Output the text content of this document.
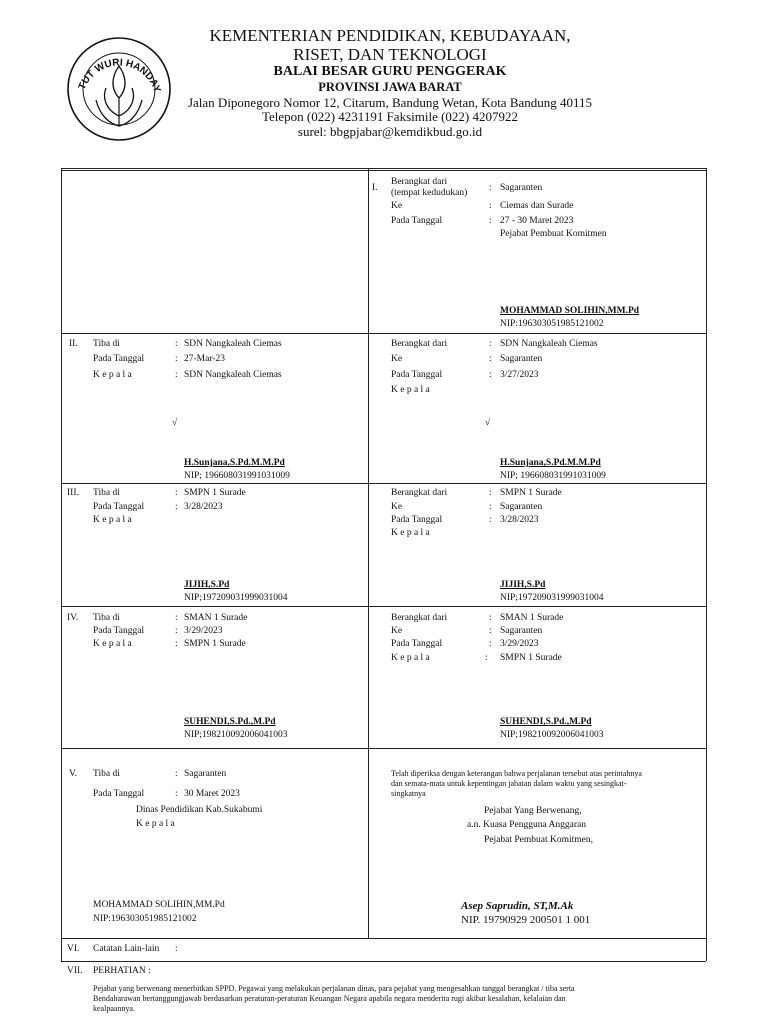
TUT WURI HANDAY
KEMENTERIAN PENDIDIKAN, KEBUDAYAAN,
RISET, DAN TEKNOLOGI
BALAI BESAR GURU PENGGERAK
PROVINSI JAWA BARAT
Jalan Diponegoro Nomor 12, Citarum, Bandung Wetan, Kota Bandung 40115
Telepon (022) 4231191 Faksimile (022) 4207922
surel: bbgpjabar@kemdikbud.go.id
I.
Berangkat dari
(tempat kedudukan) : Sagaranten
Ke	: Ciemas dan Surade
Pada Tanggal	: 27 - 30 Maret 2023
Pejabat Pembuat Komitmen
MOHAMMAD SOLIHIN,MM.Pd
NIP:196303051985121002
II. Tiba di	: SDN Nangkaleah Ciemas
Pada Tanggal	: 27-Mar-23
K e p a l a	: SDN Nangkaleah Ciemas
√
H.Sunjana,S.Pd.M.M.Pd
NIP; 196608031991031009
Berangkat dari	: SDN Nangkaleah Ciemas
Ke	: Sagaranten
Pada Tanggal	: 3/27/2023
K e p a l a
√
H.Sunjana,S.Pd.M.M.Pd
NIP; 196608031991031009
III. Tiba di	: SMPN 1 Surade
Pada Tanggal	: 3/28/2023
K e p a l a
JIJIH,S.Pd
NIP;197209031999031004
Berangkat dari	: SMPN 1 Surade
Ke	: Sagaranten
Pada Tanggal	: 3/28/2023
K e p a l a
JIJIH,S.Pd
NIP;197209031999031004
IV. Tiba di	: SMAN 1 Surade
Pada Tanggal	: 3/29/2023
K e p a l a	: SMPN 1 Surade
SUHENDI,S.Pd.,M.Pd
NIP;198210092006041003
Berangkat dari	: SMAN 1 Surade
Ke	: Sagaranten
Pada Tanggal	: 3/29/2023
K e p a l a	: SMPN 1 Surade
SUHENDI,S.Pd.,M.Pd
NIP;198210092006041003
V. Tiba di	: Sagaranten
Pada Tanggal	: 30 Maret 2023
Dinas Pendidikan Kab.Sukabumi
K e p a l a
MOHAMMAD SOLIHIN,MM.Pd
NIP:196303051985121002
Telah diperiksa dengan keterangan bahwa perjalanan tersebut atas perintahnya
dan semata-mata untuk kepentingan jabatan dalam waktu yang sesingkat-
singkatnya
Pejabat Yang Berwenang,
a.n. Kuasa Pengguna Anggaran
Pejabat Pembuat Komitmen,
Asep Saprudin, ST,M.Ak
NIP. 19790929 200501 1 001
VI. Catatan Lain-lain :
VII. PERHATIAN :
Pejabat yang berwenang menerbitkan SPPD. Pegawai yang melakukan perjalanan dinas, para pejabat yang mengesahkan tanggal berangkat / tiba serta
Bendaharawan bertanggungjawab berdasarkan peraturan-peraturan Keuangan Negara apabila negara menderita rugi akibat kesalahan, kelalaian dan
kealpaannya.
